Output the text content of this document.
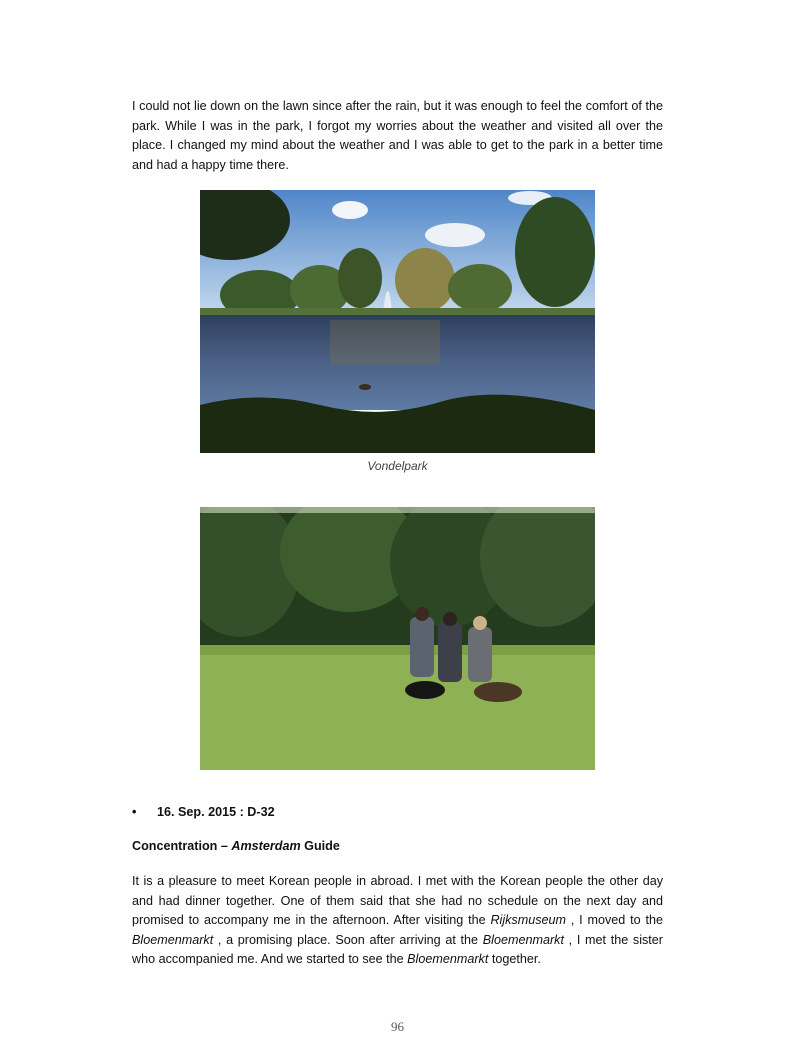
I could not lie down on the lawn since after the rain, but it was enough to feel the comfort of the park. While I was in the park, I forgot my worries about the weather and visited all over the place. I changed my mind about the weather and I was able to get to the park in a better time and had a happy time there.

Vondelpark
• 16. Sep. 2015 : D-32
Concentration – Amsterdam Guide

It is a pleasure to meet Korean people in abroad. I met with the Korean people the other day and had dinner together. One of them said that she had no schedule on the next day and promised to accompany me in the afternoon. After visiting the Rijksmuseum , I moved to the Bloemenmarkt , a promising place. Soon after arriving at the Bloemenmarkt , I met the sister who accompanied me. And we started to see the Bloemenmarkt together.

96
